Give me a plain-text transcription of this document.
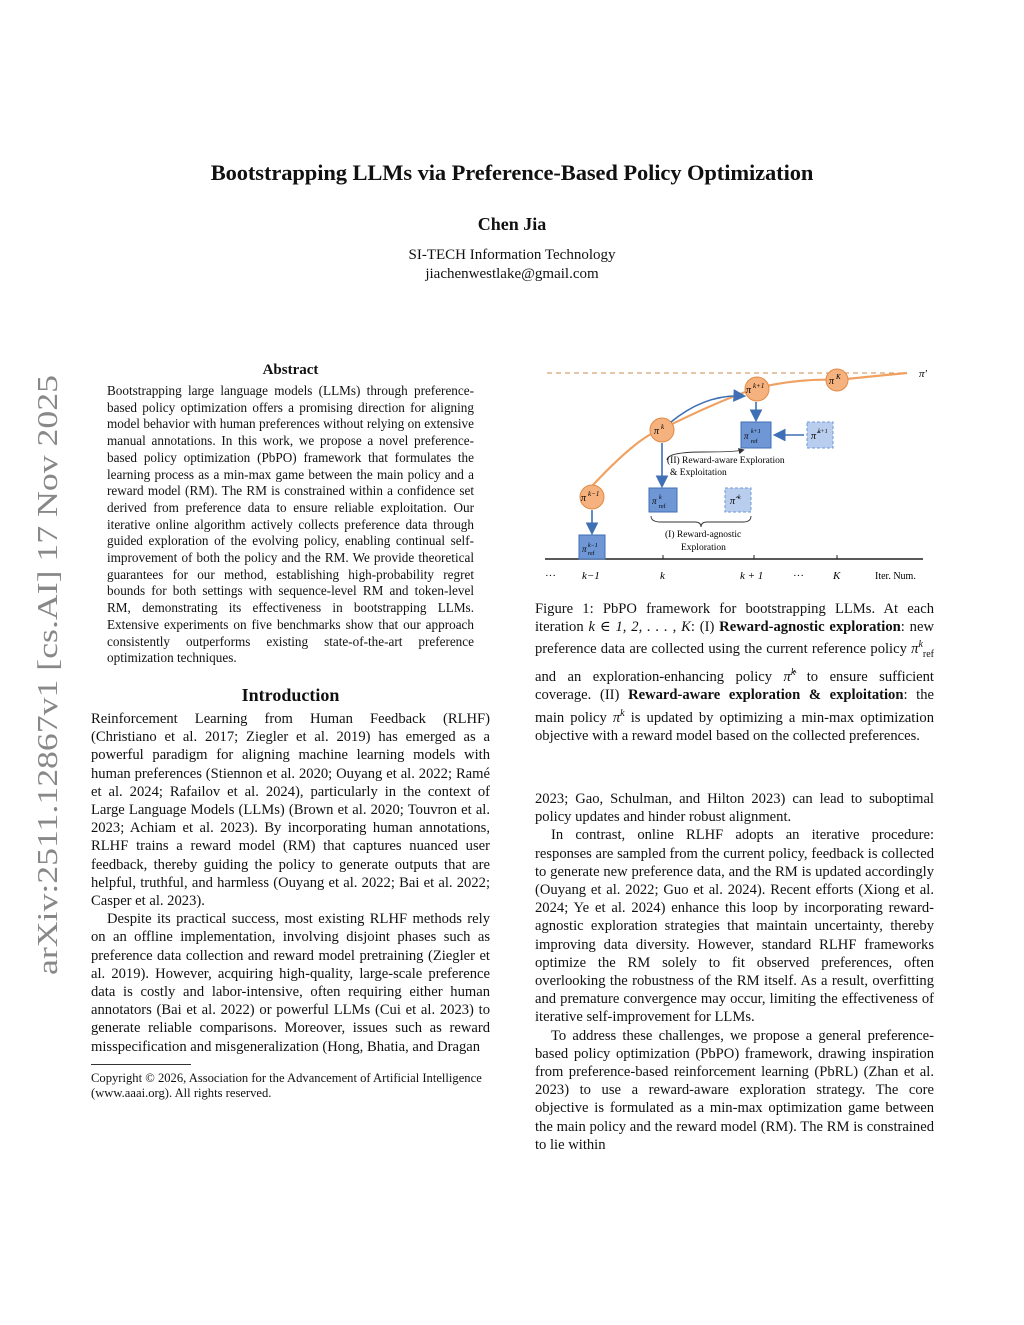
arXiv:2511.12867v1 [cs.AI] 17 Nov 2025
Bootstrapping LLMs via Preference-Based Policy Optimization
Chen Jia
SI-TECH Information Technology
jiachenwestlake@gmail.com
Abstract

Bootstrapping large language models (LLMs) through preference-based policy optimization offers a promising direction for aligning model behavior with human preferences without relying on extensive manual annotations. In this work, we propose a novel preference-based policy optimization (PbPO) framework that formulates the learning process as a min-max game between the main policy and a reward model (RM). The RM is constrained within a confidence set derived from preference data to ensure reliable exploitation. Our iterative online algorithm actively collects preference data through guided exploration of the evolving policy, enabling continual self-improvement of both the policy and the RM. We provide theoretical guarantees for our method, establishing high-probability regret bounds for both settings with sequence-level RM and token-level RM, demonstrating its effectiveness in bootstrapping LLMs. Extensive experiments on five benchmarks show that our approach consistently outperforms existing state-of-the-art preference optimization techniques.

Introduction

Reinforcement Learning from Human Feedback (RLHF) (Christiano et al. 2017; Ziegler et al. 2019) has emerged as a powerful paradigm for aligning machine learning models with human preferences (Stiennon et al. 2020; Ouyang et al. 2022; Ramé et al. 2024; Rafailov et al. 2024), particularly in the context of Large Language Models (LLMs) (Brown et al. 2020; Touvron et al. 2023; Achiam et al. 2023). By incorporating human annotations, RLHF trains a reward model (RM) that captures nuanced user feedback, thereby guiding the policy to generate outputs that are helpful, truthful, and harmless (Ouyang et al. 2022; Bai et al. 2022; Casper et al. 2023).

Despite its practical success, most existing RLHF methods rely on an offline implementation, involving disjoint phases such as preference data collection and reward model pretraining (Ziegler et al. 2019). However, acquiring high-quality, large-scale preference data is costly and labor-intensive, often requiring either human annotators (Bai et al. 2022) or powerful LLMs (Cui et al. 2023) to generate reliable comparisons. Moreover, issues such as reward misspecification and misgeneralization (Hong, Bhatia, and Dragan

Copyright © 2026, Association for the Advancement of Artificial Intelligence (www.aaai.org). All rights reserved.

π'
··· k−1	k	k + 1	···	K	Iter. Num.
π K
π k+1
π k
π k−1
π k−1
ref
π k
ref	π̂ k
π k+1
ref	π̂ k+1
(II) Reward-aware Exploration
& Exploitation
(I) Reward-agnostic
Exploration

Figure 1: PbPO framework for bootstrapping LLMs. At each iteration k ∈ 1, 2, . . . , K: (I) Reward-agnostic exploration: new preference data are collected using the current reference policy $\pi^k_{ref}$ and an exploration-enhancing policy π̂$^k$ to ensure sufficient coverage. (II) Reward-aware exploration & exploitation: the main policy $\pi^k$ is updated by optimizing a min-max optimization objective with a reward model based on the collected preferences.

2023; Gao, Schulman, and Hilton 2023) can lead to suboptimal policy updates and hinder robust alignment.

In contrast, online RLHF adopts an iterative procedure: responses are sampled from the current policy, feedback is collected to generate new preference data, and the RM is updated accordingly (Ouyang et al. 2022; Guo et al. 2024). Recent efforts (Xiong et al. 2024; Ye et al. 2024) enhance this loop by incorporating reward-agnostic exploration strategies that maintain uncertainty, thereby improving data diversity. However, standard RLHF frameworks optimize the RM solely to fit observed preferences, often overlooking the robustness of the RM itself. As a result, overfitting and premature convergence may occur, limiting the effectiveness of iterative self-improvement for LLMs.

To address these challenges, we propose a general preference-based policy optimization (PbPO) framework, drawing inspiration from preference-based reinforcement learning (PbRL) (Zhan et al. 2023) to use a reward-aware exploration strategy. The core objective is formulated as a min-max optimization game between the main policy and the reward model (RM). The RM is constrained to lie within
